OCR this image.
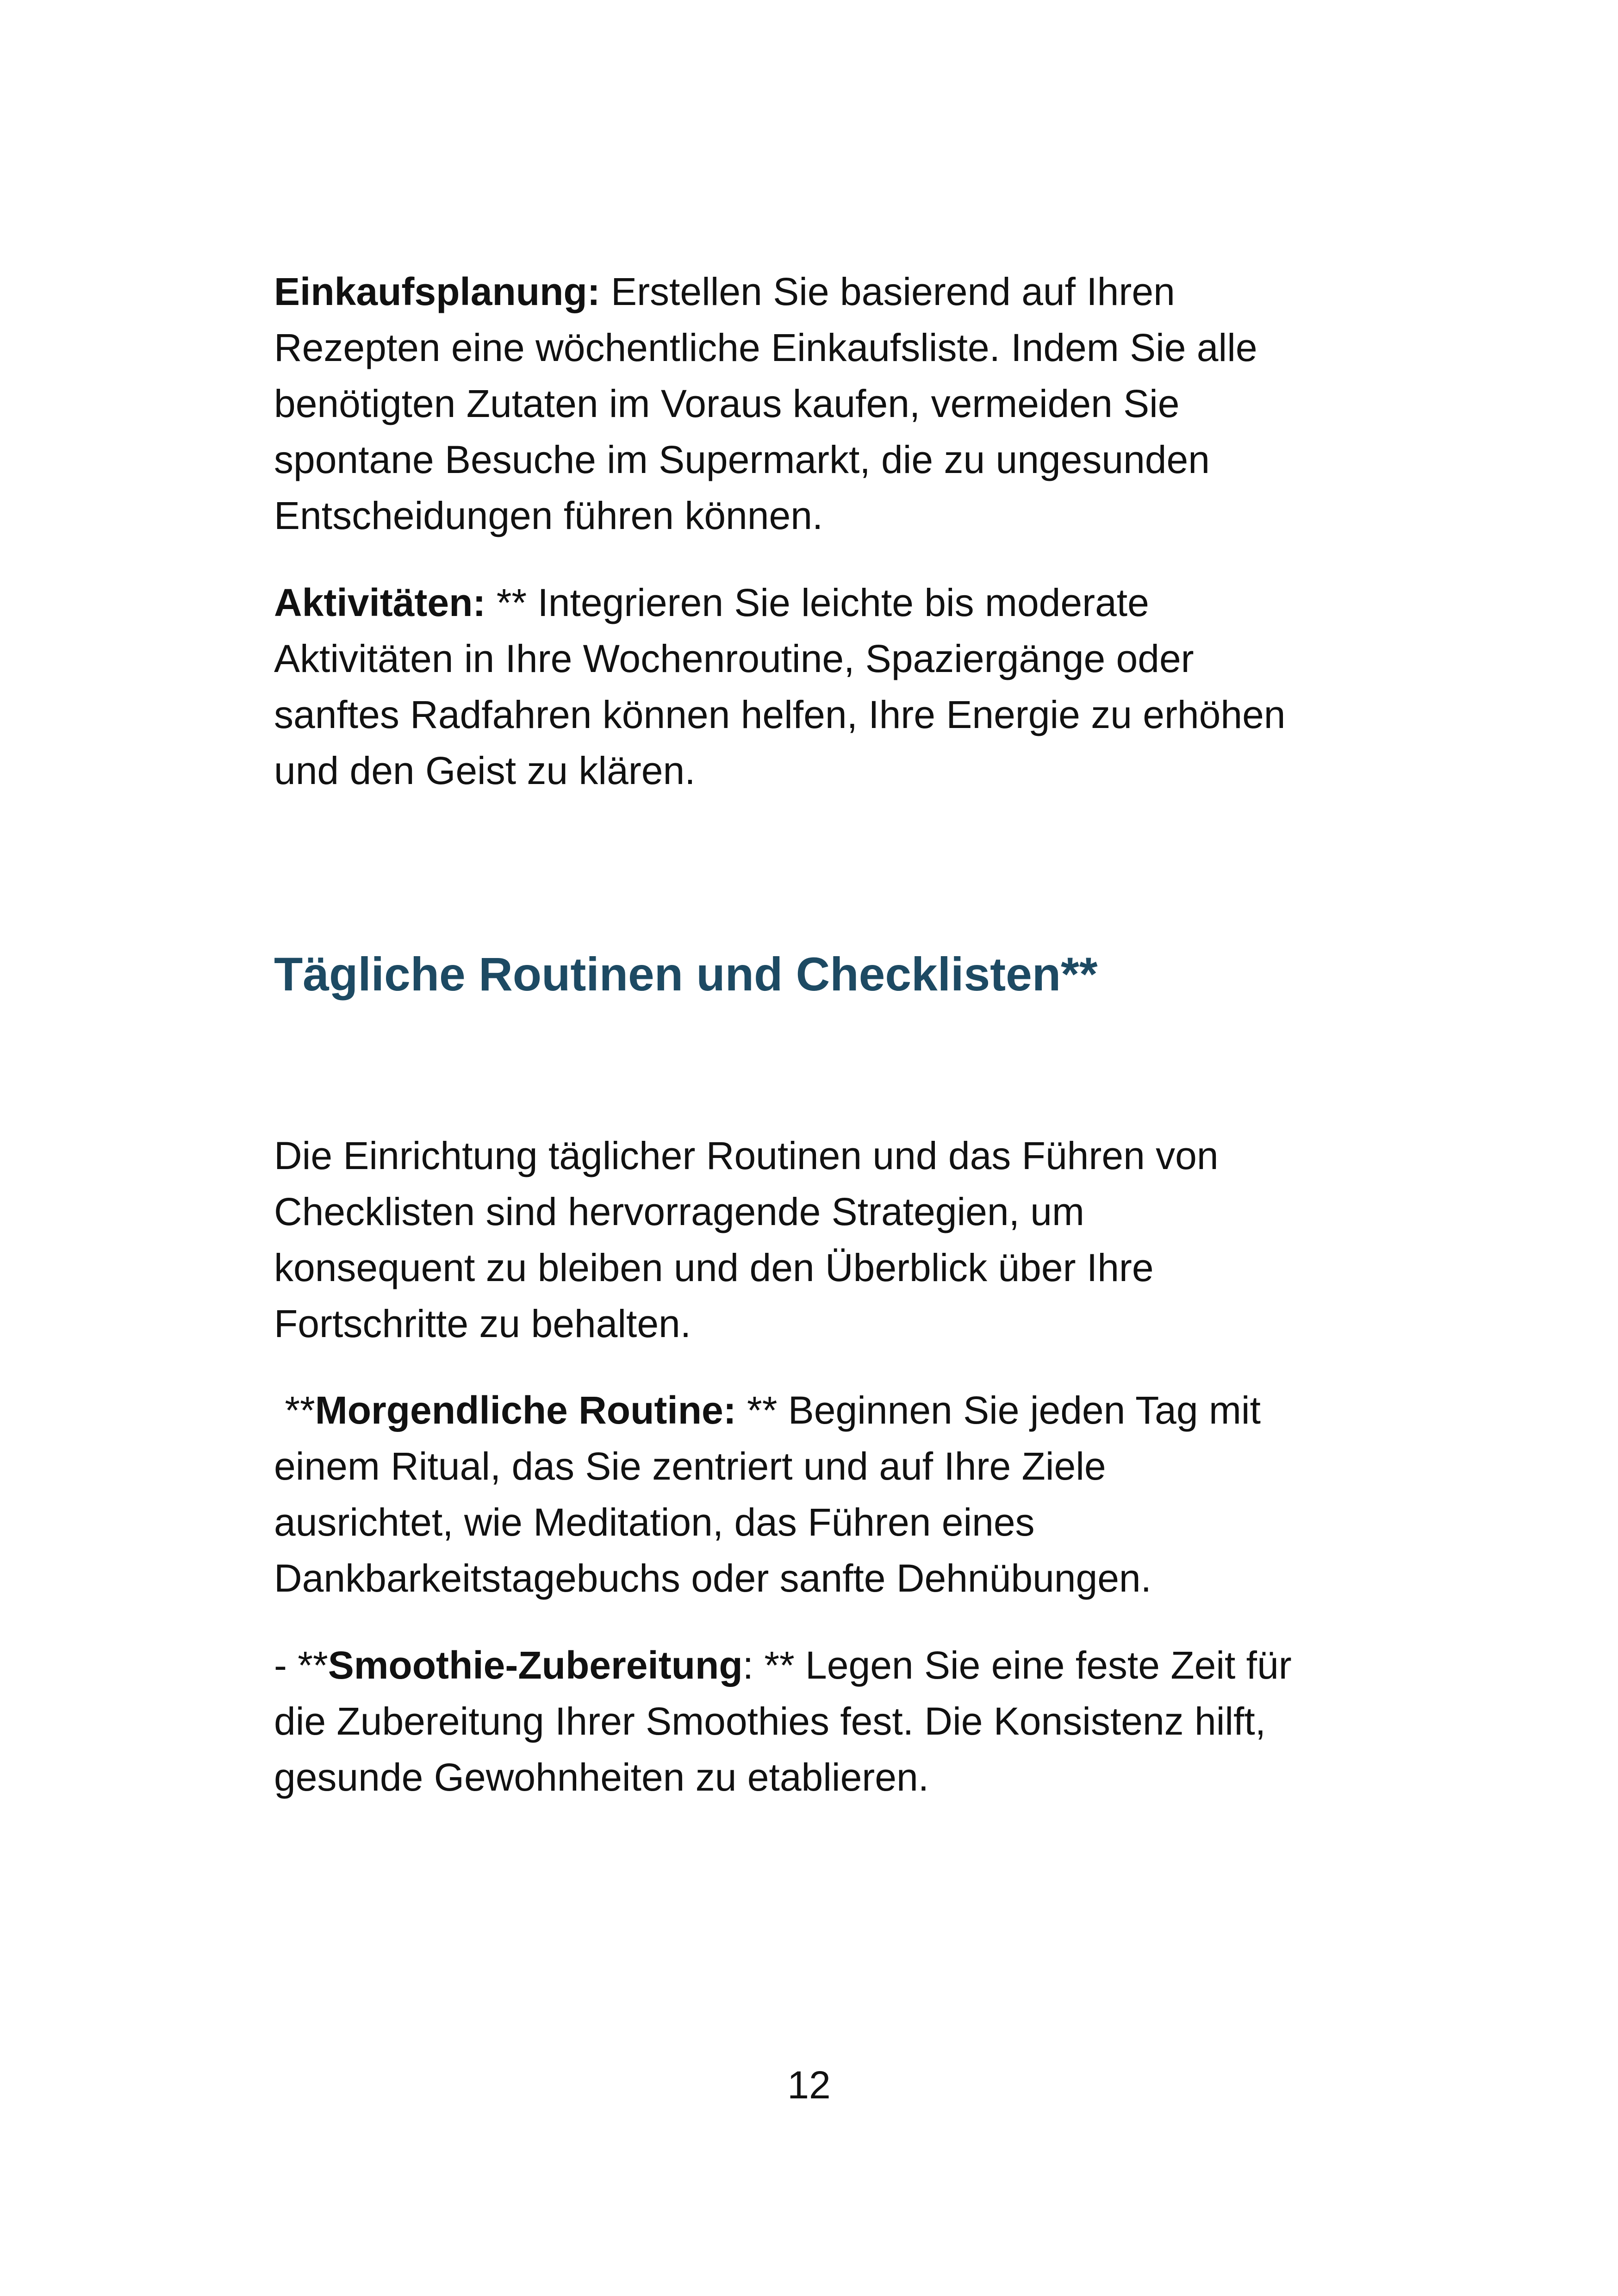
Einkaufsplanung: Erstellen Sie basierend auf Ihren
Rezepten eine wöchentliche Einkaufsliste. Indem Sie alle
benötigten Zutaten im Voraus kaufen, vermeiden Sie
spontane Besuche im Supermarkt, die zu ungesunden
Entscheidungen führen können.

Aktivitäten: ** Integrieren Sie leichte bis moderate
Aktivitäten in Ihre Wochenroutine, Spaziergänge oder
sanftes Radfahren können helfen, Ihre Energie zu erhöhen
und den Geist zu klären.

Tägliche Routinen und Checklisten**

Die Einrichtung täglicher Routinen und das Führen von
Checklisten sind hervorragende Strategien, um
konsequent zu bleiben und den Überblick über Ihre
Fortschritte zu behalten.

**Morgendliche Routine: ** Beginnen Sie jeden Tag mit
einem Ritual, das Sie zentriert und auf Ihre Ziele
ausrichtet, wie Meditation, das Führen eines
Dankbarkeitstagebuchs oder sanfte Dehnübungen.

- **Smoothie-Zubereitung: ** Legen Sie eine feste Zeit für
die Zubereitung Ihrer Smoothies fest. Die Konsistenz hilft,
gesunde Gewohnheiten zu etablieren.

12
